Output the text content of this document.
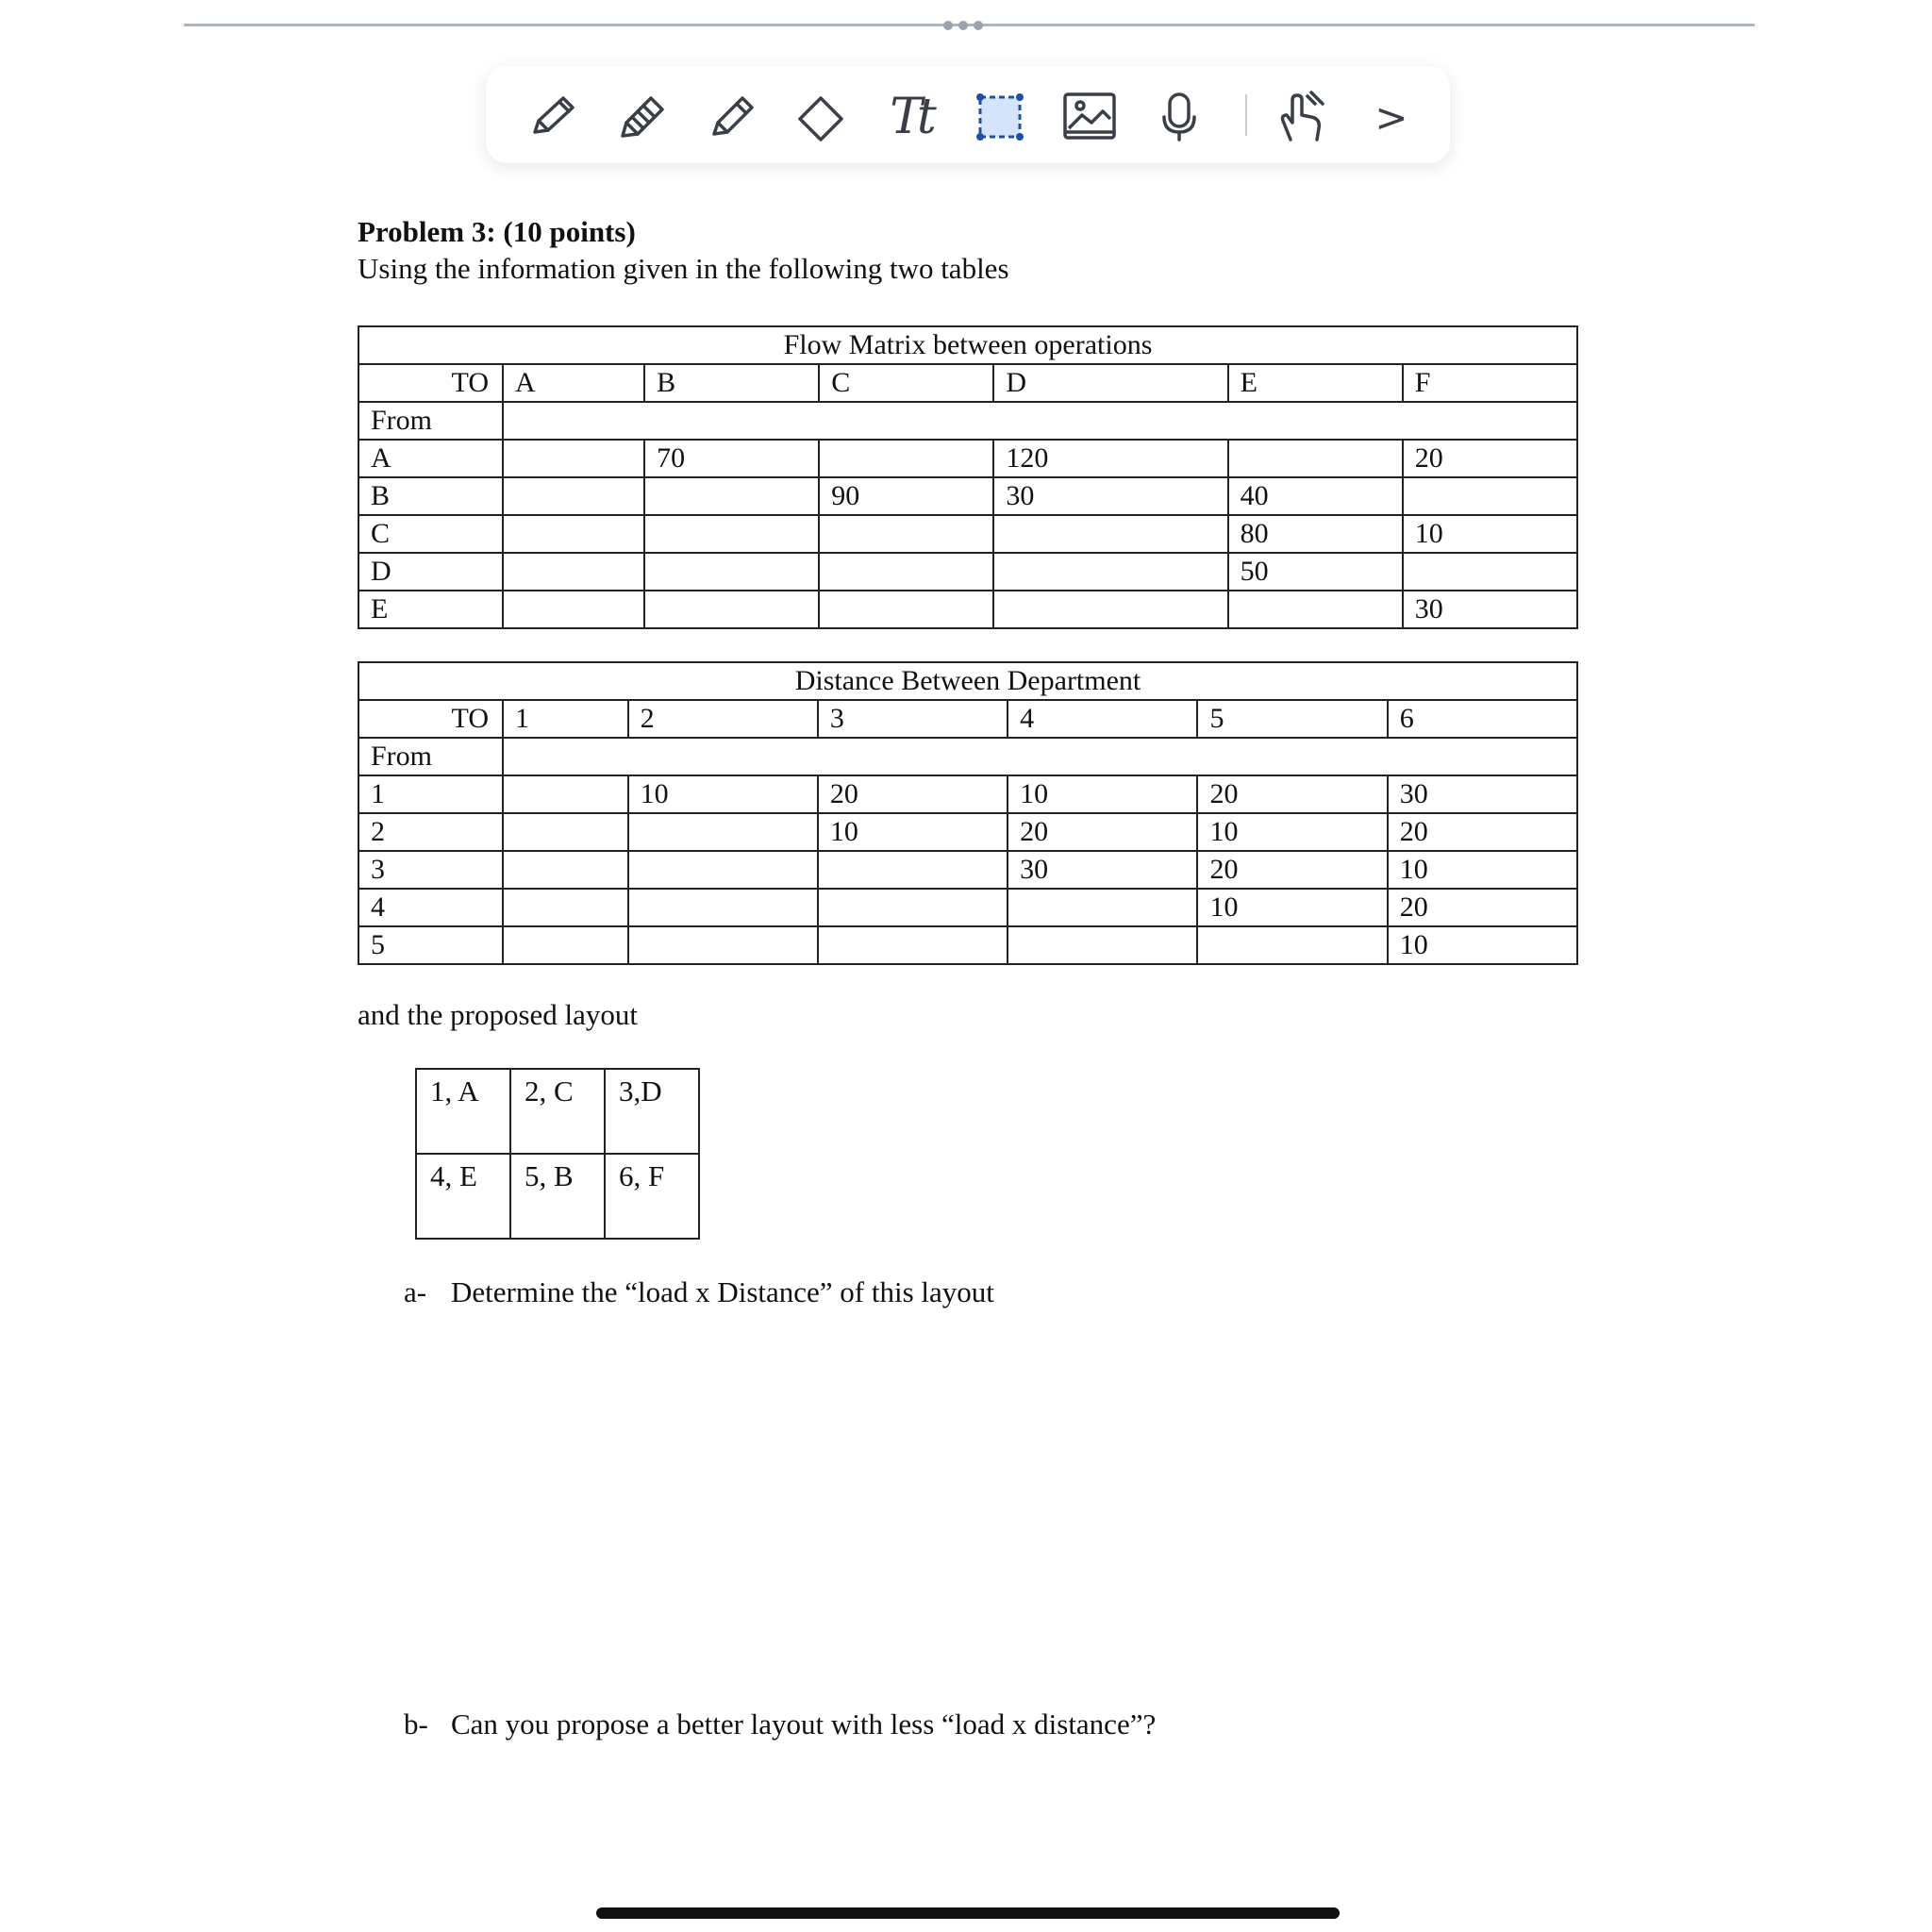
Tt	>
Problem 3: (10 points)
Using the information given in the following two tables
Flow Matrix between operations						
TO	A	B	C	D	E	F
From						
A		70		120		20
B			90	30	40	
C					80	10
D					50	
E						30
Distance Between Department						
TO	1	2	3	4	5	6
From						
1		10	20	10	20	30
2			10	20	10	20
3				30	20	10
4					10	20
5						10
and the proposed layout
1, A	2, C	3,D
4, E	5, B	6, F
a- Determine the “load x Distance” of this layout
b- Can you propose a better layout with less “load x distance”?
